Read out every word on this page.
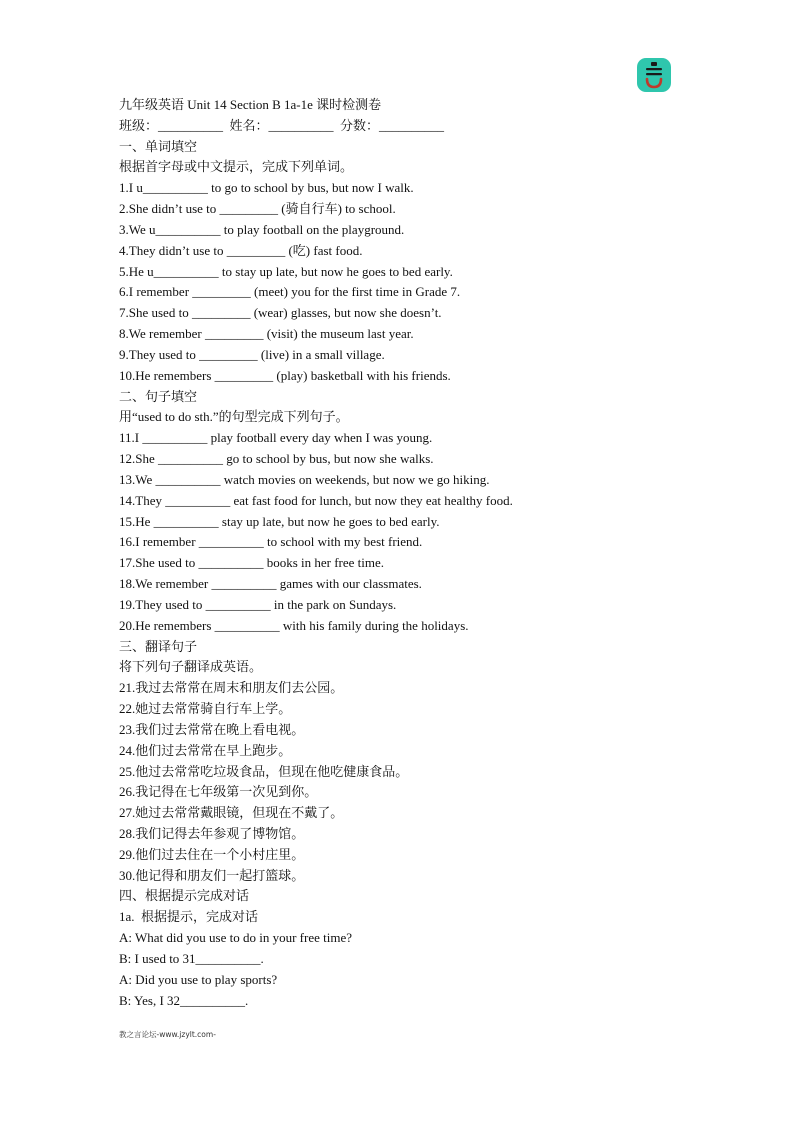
九年级英语 Unit 14 Section B 1a-1e 课时检测卷
班级：__________  姓名：__________  分数：__________
一、单词填空
根据首字母或中文提示，完成下列单词。
1.I u__________ to go to school by bus, but now I walk.
2.She didn’t use to _________ (骑自行车) to school.
3.We u__________ to play football on the playground.
4.They didn’t use to _________ (吃) fast food.
5.He u__________ to stay up late, but now he goes to bed early.
6.I remember _________ (meet) you for the first time in Grade 7.
7.She used to _________ (wear) glasses, but now she doesn’t.
8.We remember _________ (visit) the museum last year.
9.They used to _________ (live) in a small village.
10.He remembers _________ (play) basketball with his friends.
二、句子填空
用“used to do sth.”的句型完成下列句子。
11.I __________ play football every day when I was young.
12.She __________ go to school by bus, but now she walks.
13.We __________ watch movies on weekends, but now we go hiking.
14.They __________ eat fast food for lunch, but now they eat healthy food.
15.He __________ stay up late, but now he goes to bed early.
16.I remember __________ to school with my best friend.
17.She used to __________ books in her free time.
18.We remember __________ games with our classmates.
19.They used to __________ in the park on Sundays.
20.He remembers __________ with his family during the holidays.
三、翻译句子
将下列句子翻译成英语。
21.我过去常常在周末和朋友们去公园。
22.她过去常常骑自行车上学。
23.我们过去常常在晚上看电视。
24.他们过去常常在早上跑步。
25.他过去常常吃垃圾食品，但现在他吃健康食品。
26.我记得在七年级第一次见到你。
27.她过去常常戴眼镜，但现在不戴了。
28.我们记得去年参观了博物馆。
29.他们过去住在一个小村庄里。
30.他记得和朋友们一起打篮球。
四、根据提示完成对话
1a.  根据提示，完成对话
A: What did you use to do in your free time?
B: I used to 31__________.
A: Did you use to play sports?
B: Yes, I 32__________.
教之言论坛-www.jzylt.com-
